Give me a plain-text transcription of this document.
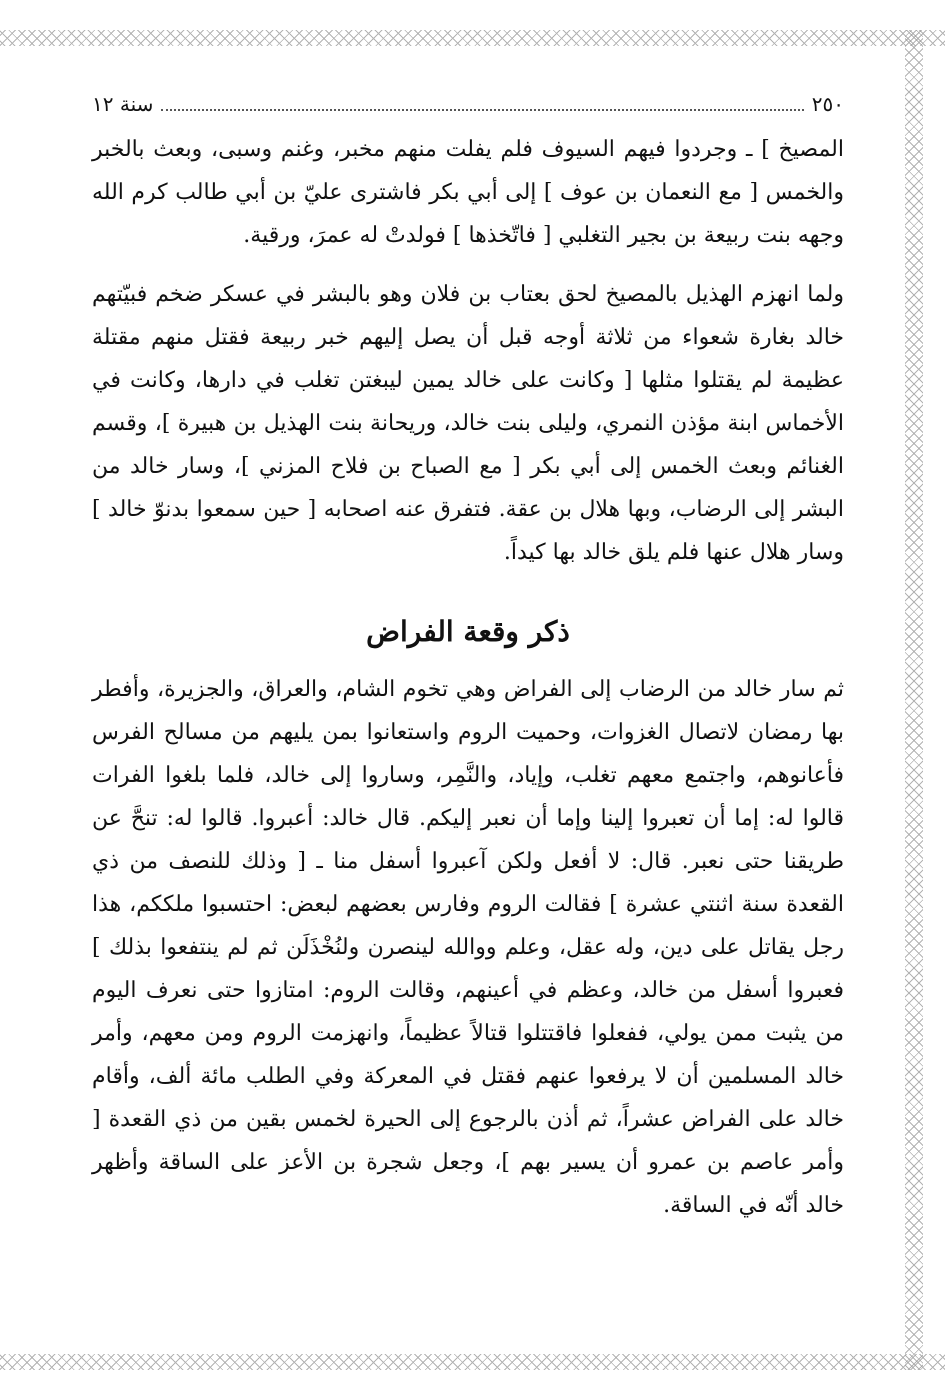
٢٥٠
سنة ١٢

المصيخ ] ـ وجردوا فيهم السيوف فلم يفلت منهم مخبر، وغنم وسبى، وبعث بالخبر والخمس [ مع النعمان بن عوف ] إلى أبي بكر فاشترى عليّ بن أبي طالب كرم الله وجهه بنت ربيعة بن بجير التغلبي [ فاتّخذها ] فولدتْ له عمرَ، ورقية.

ولما انهزم الهذيل بالمصيخ لحق بعتاب بن فلان وهو بالبشر في عسكر ضخم فبيّتهم خالد بغارة شعواء من ثلاثة أوجه قبل أن يصل إليهم خبر ربيعة فقتل منهم مقتلة عظيمة لم يقتلوا مثلها [ وكانت على خالد يمين ليبغتن تغلب في دارها، وكانت في الأخماس ابنة مؤذن النمري، وليلى بنت خالد، وريحانة بنت الهذيل بن هبيرة ]، وقسم الغنائم وبعث الخمس إلى أبي بكر [ مع الصباح بن فلاح المزني ]، وسار خالد من البشر إلى الرضاب، وبها هلال بن عقة. فتفرق عنه اصحابه [ حين سمعوا بدنوّ خالد ] وسار هلال عنها فلم يلق خالد بها كيداً.

ذكر وقعة الفراض

ثم سار خالد من الرضاب إلى الفراض وهي تخوم الشام، والعراق، والجزيرة، وأفطر بها رمضان لاتصال الغزوات، وحميت الروم واستعانوا بمن يليهم من مسالح الفرس فأعانوهم، واجتمع معهم تغلب، وإياد، والنَّمِر، وساروا إلى خالد، فلما بلغوا الفرات قالوا له: إما أن تعبروا إلينا وإما أن نعبر إليكم. قال خالد: أعبروا. قالوا له: تنحَّ عن طريقنا حتى نعبر. قال: لا أفعل ولكن آعبروا أسفل منا ـ [ وذلك للنصف من ذي القعدة سنة اثنتي عشرة ] فقالت الروم وفارس بعضهم لبعض: احتسبوا ملككم، هذا رجل يقاتل على دين، وله عقل، وعلم ووالله لينصرن ولنُخْذَلَن ثم لم ينتفعوا بذلك ] فعبروا أسفل من خالد، وعظم في أعينهم، وقالت الروم: امتازوا حتى نعرف اليوم من يثبت ممن يولي، ففعلوا فاقتتلوا قتالاً عظيماً، وانهزمت الروم ومن معهم، وأمر خالد المسلمين أن لا يرفعوا عنهم فقتل في المعركة وفي الطلب مائة ألف، وأقام خالد على الفراض عشراً، ثم أذن بالرجوع إلى الحيرة لخمس بقين من ذي القعدة [ وأمر عاصم بن عمرو أن يسير بهم ]، وجعل شجرة بن الأعز على الساقة وأظهر خالد أنّه في الساقة.
